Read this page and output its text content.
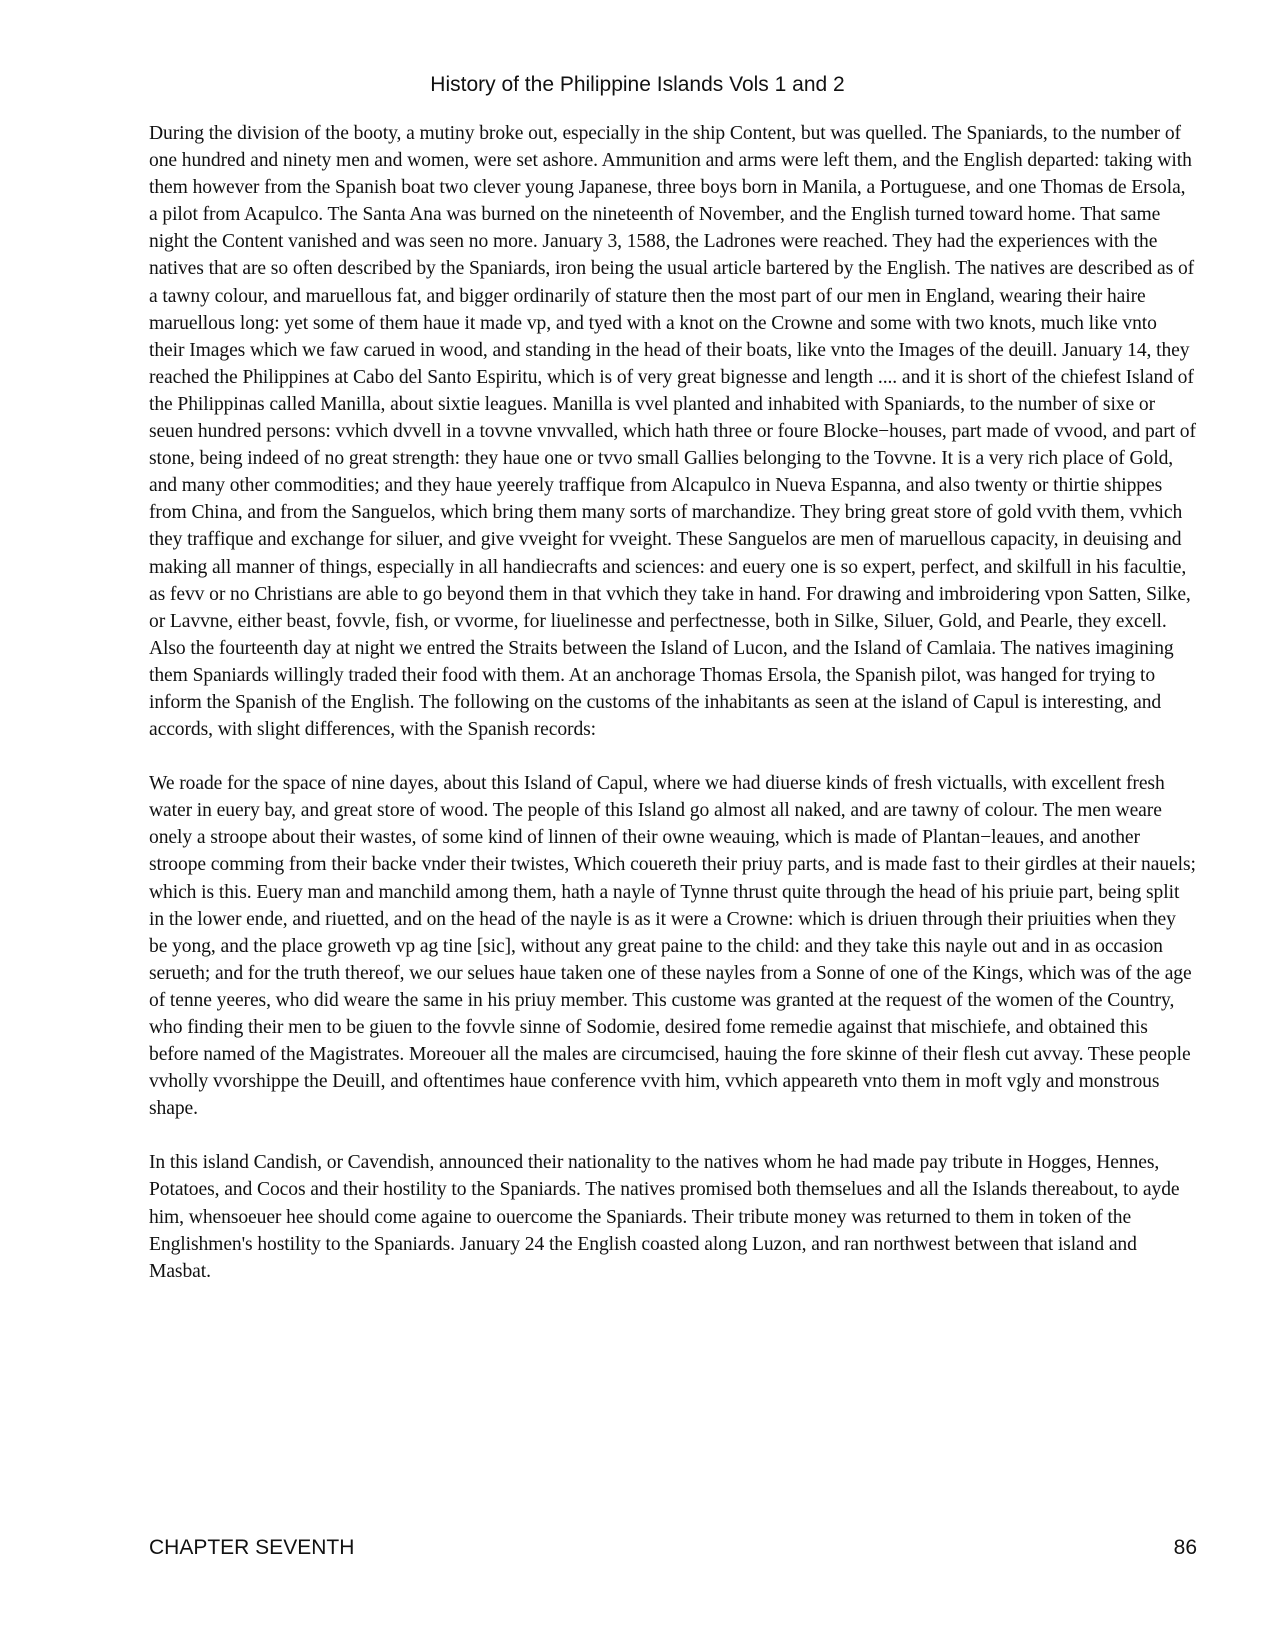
History of the Philippine Islands Vols 1 and 2

During the division of the booty, a mutiny broke out, especially in the ship Content, but was quelled. The Spaniards, to the number of one hundred and ninety men and women, were set ashore. Ammunition and arms were left them, and the English departed: taking with them however from the Spanish boat two clever young Japanese, three boys born in Manila, a Portuguese, and one Thomas de Ersola, a pilot from Acapulco. The Santa Ana was burned on the nineteenth of November, and the English turned toward home. That same night the Content vanished and was seen no more. January 3, 1588, the Ladrones were reached. They had the experiences with the natives that are so often described by the Spaniards, iron being the usual article bartered by the English. The natives are described as of a tawny colour, and maruellous fat, and bigger ordinarily of stature then the most part of our men in England, wearing their haire maruellous long: yet some of them haue it made vp, and tyed with a knot on the Crowne and some with two knots, much like vnto their Images which we faw carued in wood, and standing in the head of their boats, like vnto the Images of the deuill. January 14, they reached the Philippines at Cabo del Santo Espiritu, which is of very great bignesse and length .... and it is short of the chiefest Island of the Philippinas called Manilla, about sixtie leagues. Manilla is vvel planted and inhabited with Spaniards, to the number of sixe or seuen hundred persons: vvhich dvvell in a tovvne vnvvalled, which hath three or foure Blocke−houses, part made of vvood, and part of stone, being indeed of no great strength: they haue one or tvvo small Gallies belonging to the Tovvne. It is a very rich place of Gold, and many other commodities; and they haue yeerely traffique from Alcapulco in Nueva Espanna, and also twenty or thirtie shippes from China, and from the Sanguelos, which bring them many sorts of marchandize. They bring great store of gold vvith them, vvhich they traffique and exchange for siluer, and give vveight for vveight. These Sanguelos are men of maruellous capacity, in deuising and making all manner of things, especially in all handiecrafts and sciences: and euery one is so expert, perfect, and skilfull in his facultie, as fevv or no Christians are able to go beyond them in that vvhich they take in hand. For drawing and imbroidering vpon Satten, Silke, or Lavvne, either beast, fovvle, fish, or vvorme, for liuelinesse and perfectnesse, both in Silke, Siluer, Gold, and Pearle, they excell. Also the fourteenth day at night we entred the Straits between the Island of Lucon, and the Island of Camlaia. The natives imagining them Spaniards willingly traded their food with them. At an anchorage Thomas Ersola, the Spanish pilot, was hanged for trying to inform the Spanish of the English. The following on the customs of the inhabitants as seen at the island of Capul is interesting, and accords, with slight differences, with the Spanish records:

We roade for the space of nine dayes, about this Island of Capul, where we had diuerse kinds of fresh victualls, with excellent fresh water in euery bay, and great store of wood. The people of this Island go almost all naked, and are tawny of colour. The men weare onely a stroope about their wastes, of some kind of linnen of their owne weauing, which is made of Plantan−leaues, and another stroope comming from their backe vnder their twistes, Which couereth their priuy parts, and is made fast to their girdles at their nauels; which is this. Euery man and manchild among them, hath a nayle of Tynne thrust quite through the head of his priuie part, being split in the lower ende, and riuetted, and on the head of the nayle is as it were a Crowne: which is driuen through their priuities when they be yong, and the place groweth vp ag tine [sic], without any great paine to the child: and they take this nayle out and in as occasion serueth; and for the truth thereof, we our selues haue taken one of these nayles from a Sonne of one of the Kings, which was of the age of tenne yeeres, who did weare the same in his priuy member. This custome was granted at the request of the women of the Country, who finding their men to be giuen to the fovvle sinne of Sodomie, desired fome remedie against that mischiefe, and obtained this before named of the Magistrates. Moreouer all the males are circumcised, hauing the fore skinne of their flesh cut avvay. These people vvholly vvorshippe the Deuill, and oftentimes haue conference vvith him, vvhich appeareth vnto them in moft vgly and monstrous shape.

In this island Candish, or Cavendish, announced their nationality to the natives whom he had made pay tribute in Hogges, Hennes, Potatoes, and Cocos and their hostility to the Spaniards. The natives promised both themselues and all the Islands thereabout, to ayde him, whensoeuer hee should come againe to ouercome the Spaniards. Their tribute money was returned to them in token of the Englishmen's hostility to the Spaniards. January 24 the English coasted along Luzon, and ran northwest between that island and Masbat.

CHAPTER SEVENTH	86
